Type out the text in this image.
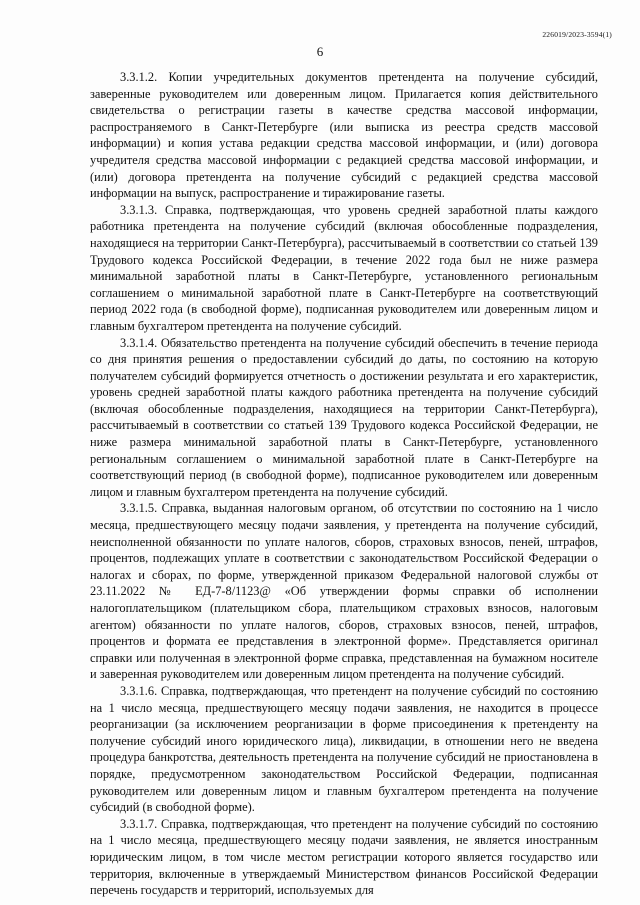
226019/2023-3594(1)
6

3.3.1.2. Копии учредительных документов претендента на получение субсидий, заверенные руководителем или доверенным лицом. Прилагается копия действительного свидетельства о регистрации газеты в качестве средства массовой информации, распространяемого в Санкт-Петербурге (или выписка из реестра средств массовой информации) и копия устава редакции средства массовой информации, и (или) договора учредителя средства массовой информации с редакцией средства массовой информации, и (или) договора претендента на получение субсидий с редакцией средства массовой информации на выпуск, распространение и тиражирование газеты.

3.3.1.3. Справка, подтверждающая, что уровень средней заработной платы каждого работника претендента на получение субсидий (включая обособленные подразделения, находящиеся на территории Санкт-Петербурга), рассчитываемый в соответствии со статьей 139 Трудового кодекса Российской Федерации, в течение 2022 года был не ниже размера минимальной заработной платы в Санкт-Петербурге, установленного региональным соглашением о минимальной заработной плате в Санкт-Петербурге на соответствующий период 2022 года (в свободной форме), подписанная руководителем или доверенным лицом и главным бухгалтером претендента на получение субсидий.

3.3.1.4. Обязательство претендента на получение субсидий обеспечить в течение периода со дня принятия решения о предоставлении субсидий до даты, по состоянию на которую получателем субсидий формируется отчетность о достижении результата и его характеристик, уровень средней заработной платы каждого работника претендента на получение субсидий (включая обособленные подразделения, находящиеся на территории Санкт-Петербурга), рассчитываемый в соответствии со статьей 139 Трудового кодекса Российской Федерации, не ниже размера минимальной заработной платы в Санкт-Петербурге, установленного региональным соглашением о минимальной заработной плате в Санкт-Петербурге на соответствующий период (в свободной форме), подписанное руководителем или доверенным лицом и главным бухгалтером претендента на получение субсидий.

3.3.1.5. Справка, выданная налоговым органом, об отсутствии по состоянию на 1 число месяца, предшествующего месяцу подачи заявления, у претендента на получение субсидий, неисполненной обязанности по уплате налогов, сборов, страховых взносов, пеней, штрафов, процентов, подлежащих уплате в соответствии с законодательством Российской Федерации о налогах и сборах, по форме, утвержденной приказом Федеральной налоговой службы от 23.11.2022 № ЕД-7-8/1123@ «Об утверждении формы справки об исполнении налогоплательщиком (плательщиком сбора, плательщиком страховых взносов, налоговым агентом) обязанности по уплате налогов, сборов, страховых взносов, пеней, штрафов, процентов и формата ее представления в электронной форме». Представляется оригинал справки или полученная в электронной форме справка, представленная на бумажном носителе и заверенная руководителем или доверенным лицом претендента на получение субсидий.

3.3.1.6. Справка, подтверждающая, что претендент на получение субсидий по состоянию на 1 число месяца, предшествующего месяцу подачи заявления, не находится в процессе реорганизации (за исключением реорганизации в форме присоединения к претенденту на получение субсидий иного юридического лица), ликвидации, в отношении него не введена процедура банкротства, деятельность претендента на получение субсидий не приостановлена в порядке, предусмотренном законодательством Российской Федерации, подписанная руководителем или доверенным лицом и главным бухгалтером претендента на получение субсидий (в свободной форме).

3.3.1.7. Справка, подтверждающая, что претендент на получение субсидий по состоянию на 1 число месяца, предшествующего месяцу подачи заявления, не является иностранным юридическим лицом, в том числе местом регистрации которого является государство или территория, включенные в утверждаемый Министерством финансов Российской Федерации перечень государств и территорий, используемых для
